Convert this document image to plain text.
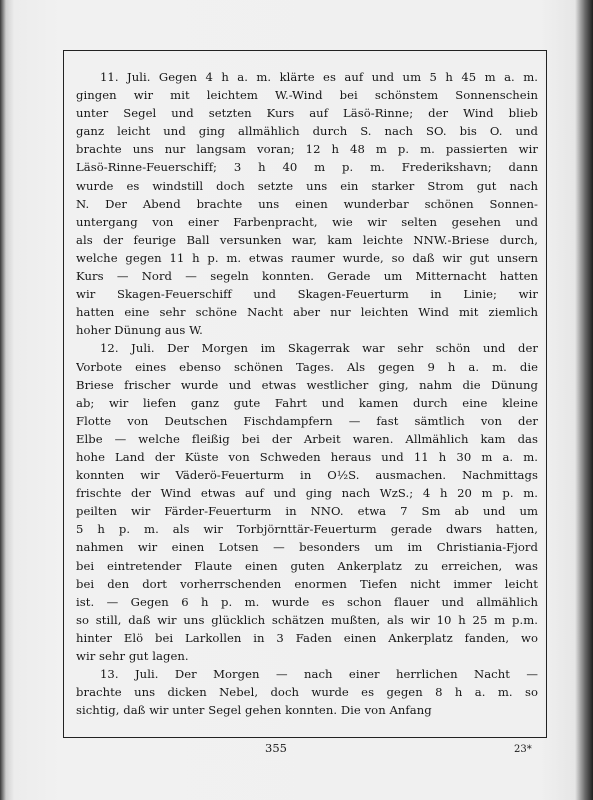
11. Juli. Gegen 4 h a. m. klärte es auf und um 5 h 45 m a. m.
gingen wir mit leichtem W.-Wind bei schönstem Sonnenschein
unter Segel und setzten Kurs auf Läsö-Rinne; der Wind blieb
ganz leicht und ging allmählich durch S. nach SO. bis O. und
brachte uns nur langsam voran; 12 h 48 m p. m. passierten wir
Läsö-Rinne-Feuerschiff; 3 h 40 m p. m. Frederikshavn; dann
wurde es windstill doch setzte uns ein starker Strom gut nach
N. Der Abend brachte uns einen wunderbar schönen Sonnen-
untergang von einer Farbenpracht, wie wir selten gesehen und
als der feurige Ball versunken war, kam leichte NNW.-Briese durch,
welche gegen 11 h p. m. etwas raumer wurde, so daß wir gut unsern
Kurs — Nord — segeln konnten. Gerade um Mitternacht hatten
wir Skagen-Feuerschiff und Skagen-Feuerturm in Linie; wir
hatten eine sehr schöne Nacht aber nur leichten Wind mit ziemlich
hoher Dünung aus W.

12. Juli. Der Morgen im Skagerrak war sehr schön und der
Vorbote eines ebenso schönen Tages. Als gegen 9 h a. m. die
Briese frischer wurde und etwas westlicher ging, nahm die Dünung
ab; wir liefen ganz gute Fahrt und kamen durch eine kleine
Flotte von Deutschen Fischdampfern — fast sämtlich von der
Elbe — welche fleißig bei der Arbeit waren. Allmählich kam das
hohe Land der Küste von Schweden heraus und 11 h 30 m a. m.
konnten wir Väderö-Feuerturm in O½S. ausmachen. Nachmittags
frischte der Wind etwas auf und ging nach WzS.; 4 h 20 m p. m.
peilten wir Färder-Feuerturm in NNO. etwa 7 Sm ab und um
5 h p. m. als wir Torbjörnttär-Feuerturm gerade dwars hatten,
nahmen wir einen Lotsen — besonders um im Christiania-Fjord
bei eintretender Flaute einen guten Ankerplatz zu erreichen, was
bei den dort vorherrschenden enormen Tiefen nicht immer leicht
ist. — Gegen 6 h p. m. wurde es schon flauer und allmählich
so still, daß wir uns glücklich schätzen mußten, als wir 10 h 25 m p.m.
hinter Elö bei Larkollen in 3 Faden einen Ankerplatz fanden, wo
wir sehr gut lagen.

13. Juli. Der Morgen — nach einer herrlichen Nacht —
brachte uns dicken Nebel, doch wurde es gegen 8 h a. m. so
sichtig, daß wir unter Segel gehen konnten. Die von Anfang

355	23*
